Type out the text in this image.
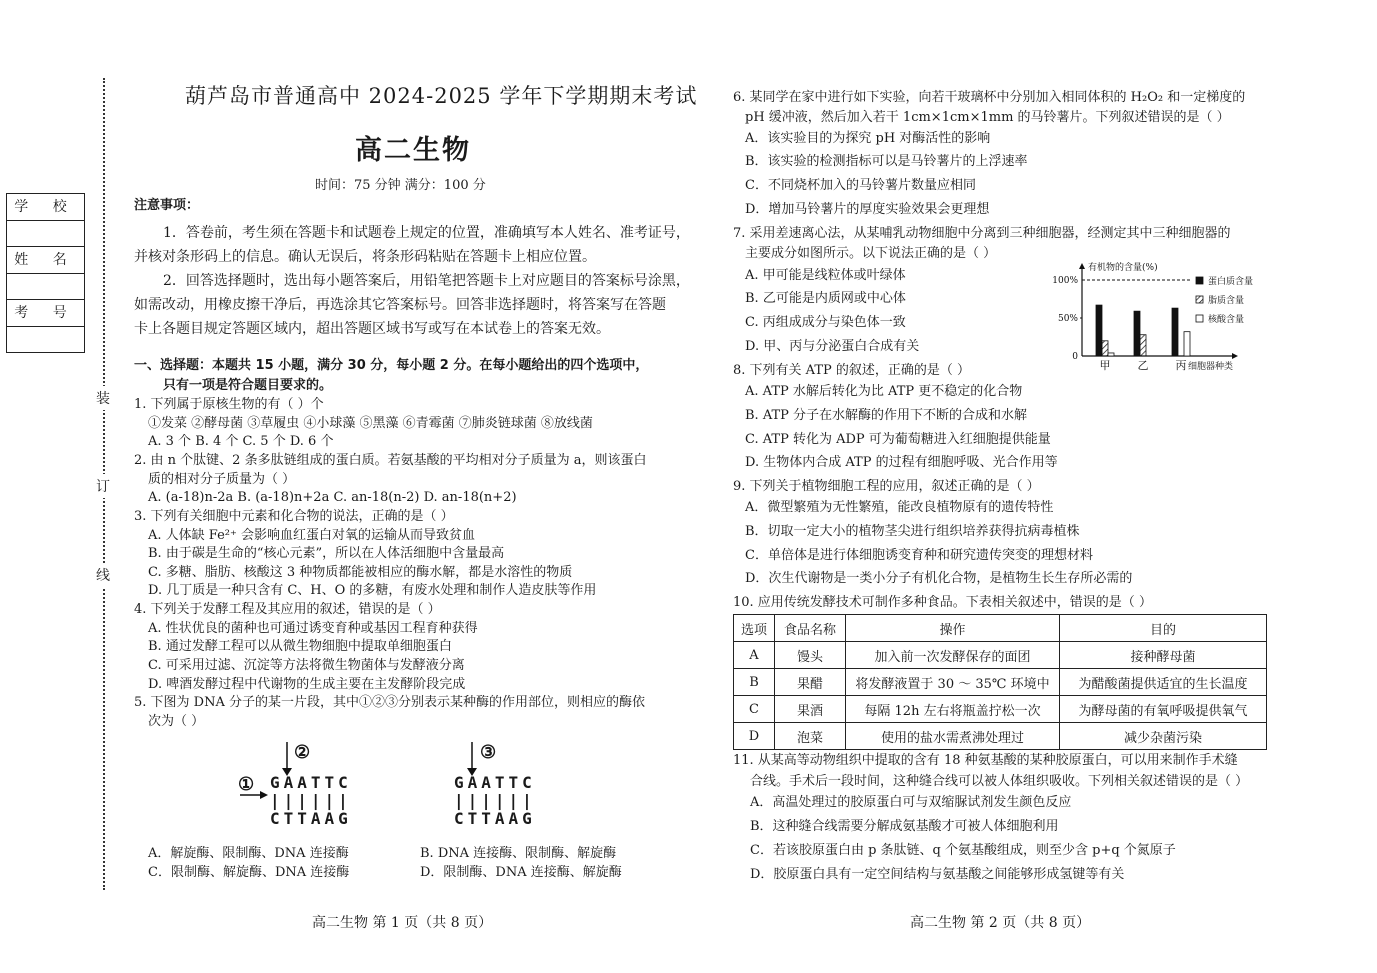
装
订
线
学 校
姓 名
考 号
葫芦岛市普通高中 2024-2025 学年下学期期末考试
高二生物
时间：75 分钟 满分：100 分
注意事项：
1．答卷前，考生须在答题卡和试题卷上规定的位置，准确填写本人姓名、准考证号，
并核对条形码上的信息。确认无误后，将条形码粘贴在答题卡上相应位置。
2．回答选择题时，选出每小题答案后，用铅笔把答题卡上对应题目的答案标号涂黑，
如需改动，用橡皮擦干净后，再选涂其它答案标号。回答非选择题时，将答案写在答题
卡上各题目规定答题区域内，超出答题区域书写或写在本试卷上的答案无效。
一、选择题：本题共 15 小题，满分 30 分，每小题 2 分。在每小题给出的四个选项中，
只有一项是符合题目要求的。
1. 下列属于原核生物的有（ ）个
①发菜 ②酵母菌 ③草履虫 ④小球藻 ⑤黑藻 ⑥青霉菌 ⑦肺炎链球菌 ⑧放线菌
A. 3 个 B. 4 个 C. 5 个 D. 6 个
2. 由 n 个肽键、2 条多肽链组成的蛋白质。若氨基酸的平均相对分子质量为 a，则该蛋白
质的相对分子质量为（ ）
A. (a-18)n-2a B. (a-18)n+2a C. an-18(n-2) D. an-18(n+2)
3. 下列有关细胞中元素和化合物的说法，正确的是（ ）
A. 人体缺 Fe²⁺ 会影响血红蛋白对氧的运输从而导致贫血
B. 由于碳是生命的“核心元素”，所以在人体活细胞中含量最高
C. 多糖、脂肪、核酸这 3 种物质都能被相应的酶水解，都是水溶性的物质
D. 几丁质是一种只含有 C、H、O 的多糖，有废水处理和制作人造皮肤等作用
4. 下列关于发酵工程及其应用的叙述，错误的是（ ）
A. 性状优良的菌种也可通过诱变育种或基因工程育种获得
B. 通过发酵工程可以从微生物细胞中提取单细胞蛋白
C. 可采用过滤、沉淀等方法将微生物菌体与发酵液分离
D. 啤酒发酵过程中代谢物的生成主要在主发酵阶段完成
5. 下图为 DNA 分子的某一片段，其中①②③分别表示某种酶的作用部位，则相应的酶依
次为（ ）
②	③
① GAATTC
||||||
CTTAAG
GAATTC
||||||
CTTAAG
A．解旋酶、限制酶、DNA 连接酶	B. DNA 连接酶、限制酶、解旋酶
C．限制酶、解旋酶、DNA 连接酶	D．限制酶、DNA 连接酶、解旋酶
6. 某同学在家中进行如下实验，向若干玻璃杯中分别加入相同体积的 H₂O₂ 和一定梯度的
pH 缓冲液，然后加入若干 1cm×1cm×1mm 的马铃薯片。下列叙述错误的是（ ）
A．该实验目的为探究 pH 对酶活性的影响
B．该实验的检测指标可以是马铃薯片的上浮速率
C．不同烧杯加入的马铃薯片数量应相同
D．增加马铃薯片的厚度实验效果会更理想
7. 采用差速离心法，从某哺乳动物细胞中分离到三种细胞器，经测定其中三种细胞器的
主要成分如图所示。以下说法正确的是（ ）
A. 甲可能是线粒体或叶绿体
B. 乙可能是内质网或中心体
C. 丙组成成分与染色体一致
D. 甲、丙与分泌蛋白合成有关
100%
50%
0
有机物的含量(%)
细胞器种类
甲 乙 丙
蛋白质含量
脂质含量
核酸含量
8. 下列有关 ATP 的叙述，正确的是（ ）
A. ATP 水解后转化为比 ATP 更不稳定的化合物
B. ATP 分子在水解酶的作用下不断的合成和水解
C. ATP 转化为 ADP 可为葡萄糖进入红细胞提供能量
D. 生物体内合成 ATP 的过程有细胞呼吸、光合作用等
9. 下列关于植物细胞工程的应用，叙述正确的是（ ）
A．微型繁殖为无性繁殖，能改良植物原有的遗传特性
B．切取一定大小的植物茎尖进行组织培养获得抗病毒植株
C．单倍体是进行体细胞诱变育种和研究遗传突变的理想材料
D．次生代谢物是一类小分子有机化合物，是植物生长生存所必需的
10. 应用传统发酵技术可制作多种食品。下表相关叙述中，错误的是（ ）
选项	食品名称	操作	目的
A	馒头	加入前一次发酵保存的面团	接种酵母菌
B	果醋	将发酵液置于 30 ～ 35℃ 环境中	为醋酸菌提供适宜的生长温度
C	果酒	每隔 12h 左右将瓶盖拧松一次	为酵母菌的有氧呼吸提供氧气
D	泡菜	使用的盐水需煮沸处理过	减少杂菌污染
11. 从某高等动物组织中提取的含有 18 种氨基酸的某种胶原蛋白，可以用来制作手术缝
合线。手术后一段时间，这种缝合线可以被人体组织吸收。下列相关叙述错误的是（ ）
A．高温处理过的胶原蛋白可与双缩脲试剂发生颜色反应
B．这种缝合线需要分解成氨基酸才可被人体细胞利用
C．若该胶原蛋白由 p 条肽链、q 个氨基酸组成，则至少含 p+q 个氮原子
D．胶原蛋白具有一定空间结构与氨基酸之间能够形成氢键等有关
高二生物 第 1 页（共 8 页）	高二生物 第 2 页（共 8 页）
